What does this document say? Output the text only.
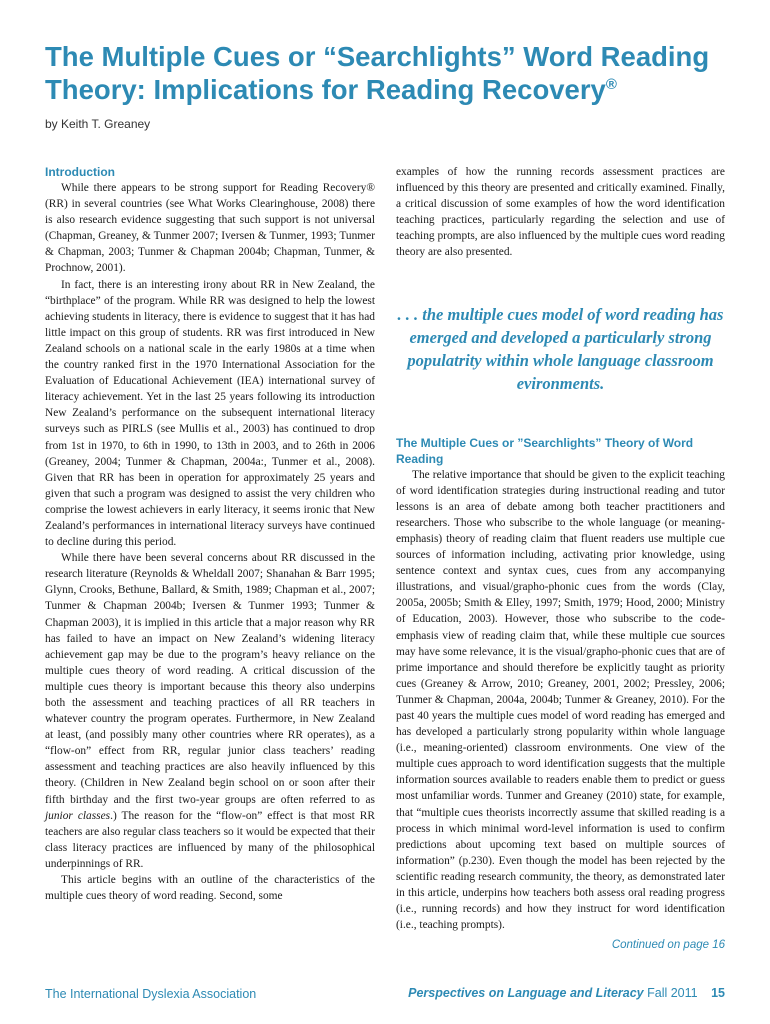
The Multiple Cues or “Searchlights” Word Reading Theory: Implications for Reading Recovery®
by Keith T. Greaney
Introduction

While there appears to be strong support for Reading Recovery® (RR) in several countries (see What Works Clearinghouse, 2008) there is also research evidence suggesting that such support is not universal (Chapman, Greaney, & Tunmer 2007; Iversen & Tunmer, 1993; Tunmer & Chapman, 2003; Tunmer & Chapman 2004b; Chapman, Tunmer, & Prochnow, 2001).

In fact, there is an interesting irony about RR in New Zealand, the “birthplace” of the program. While RR was designed to help the lowest achieving students in literacy, there is evidence to suggest that it has had little impact on this group of students. RR was first introduced in New Zealand schools on a national scale in the early 1980s at a time when the country ranked first in the 1970 International Association for the Evaluation of Educational Achievement (IEA) international survey of literacy achievement. Yet in the last 25 years following its introduction New Zealand’s performance on the subsequent international literacy surveys such as PIRLS (see Mullis et al., 2003) has continued to drop from 1st in 1970, to 6th in 1990, to 13th in 2003, and to 26th in 2006 (Greaney, 2004; Tunmer & Chapman, 2004a:, Tunmer et al., 2008). Given that RR has been in operation for approximately 25 years and given that such a program was designed to assist the very children who comprise the lowest achievers in early literacy, it seems ironic that New Zealand’s performances in international literacy surveys have continued to decline during this period.

While there have been several concerns about RR discussed in the research literature (Reynolds & Wheldall 2007; Shanahan & Barr 1995; Glynn, Crooks, Bethune, Ballard, & Smith, 1989; Chapman et al., 2007; Tunmer & Chapman 2004b; Iversen & Tunmer 1993; Tunmer & Chapman 2003), it is implied in this article that a major reason why RR has failed to have an impact on New Zealand’s widening literacy achievement gap may be due to the program’s heavy reliance on the multiple cues theory of word reading. A critical discussion of the multiple cues theory is important because this theory also underpins both the assessment and teaching practices of all RR teachers in whatever country the program operates. Furthermore, in New Zealand at least, (and possibly many other countries where RR operates), as a “flow-on” effect from RR, regular junior class teachers’ reading assessment and teaching practices are also heavily influenced by this theory. (Children in New Zealand begin school on or soon after their fifth birthday and the first two-year groups are often referred to as junior classes.) The reason for the “flow-on” effect is that most RR teachers are also regular class teachers so it would be expected that their class literacy practices are influenced by many of the philosophical underpinnings of RR.

This article begins with an outline of the characteristics of the multiple cues theory of word reading. Second, some

examples of how the running records assessment practices are influenced by this theory are presented and critically examined. Finally, a critical discussion of some examples of how the word identification teaching practices, particularly regarding the selection and use of teaching prompts, are also influenced by the multiple cues word reading theory are also presented.

. . . the multiple cues model of word reading has emerged and developed a particularly strong populatrity within whole language classroom evironments.
The Multiple Cues or ”Searchlights” Theory of Word Reading

The relative importance that should be given to the explicit teaching of word identification strategies during instructional reading and tutor lessons is an area of debate among both teacher practitioners and researchers. Those who subscribe to the whole language (or meaning-emphasis) theory of reading claim that fluent readers use multiple cue sources of information including, activating prior knowledge, using sentence context and syntax cues, cues from any accompanying illustrations, and visual/grapho-phonic cues from the words (Clay, 2005a, 2005b; Smith & Elley, 1997; Smith, 1979; Hood, 2000; Ministry of Education, 2003). However, those who subscribe to the code-emphasis view of reading claim that, while these multiple cue sources may have some relevance, it is the visual/grapho-phonic cues that are of prime importance and should therefore be explicitly taught as priority cues (Greaney & Arrow, 2010; Greaney, 2001, 2002; Pressley, 2006; Tunmer & Chapman, 2004a, 2004b; Tunmer & Greaney, 2010). For the past 40 years the multiple cues model of word reading has emerged and has developed a particularly strong popularity within whole language (i.e., meaning-oriented) classroom environments. One view of the multiple cues approach to word identification suggests that the multiple information sources available to readers enable them to predict or guess most unfamiliar words. Tunmer and Greaney (2010) state, for example, that “multiple cues theorists incorrectly assume that skilled reading is a process in which minimal word-level information is used to confirm predictions about upcoming text based on multiple sources of information” (p.230). Even though the model has been rejected by the scientific reading research community, the theory, as demonstrated later in this article, underpins how teachers both assess oral reading progress (i.e., running records) and how they instruct for word identification (i.e., teaching prompts).

Continued on page 16
The International Dyslexia Association	Perspectives on Language and Literacy Fall 2011 15
